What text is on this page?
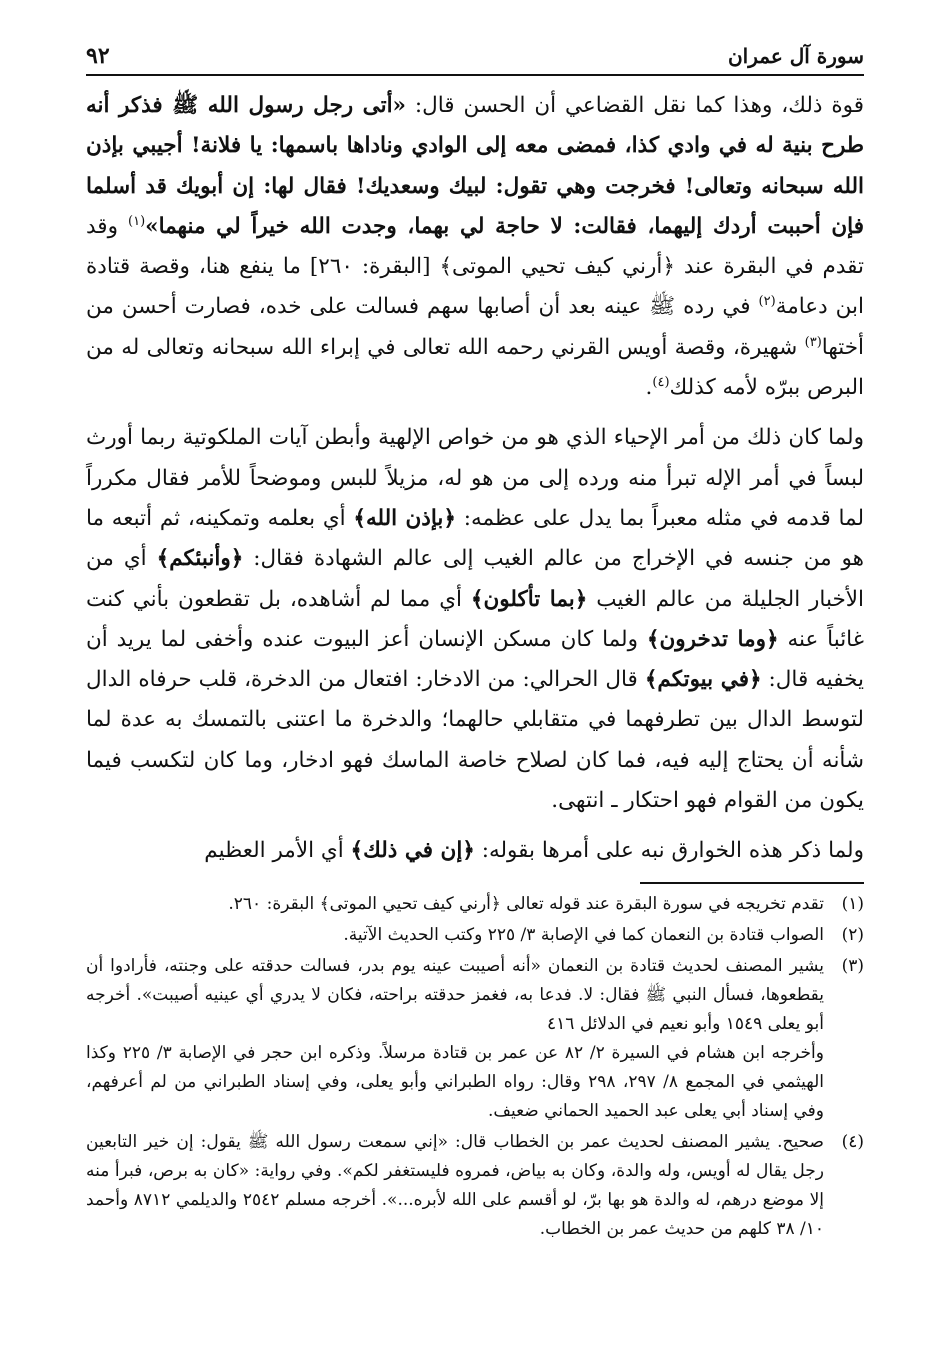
سورة آل عمران
٩٢

قوة ذلك، وهذا كما نقل القضاعي أن الحسن قال: «أتى رجل رسول الله ﷺ فذكر أنه طرح بنية له في وادي كذا، فمضى معه إلى الوادي وناداها باسمها: يا فلانة! أجيبي بإذن الله سبحانه وتعالى! فخرجت وهي تقول: لبيك وسعديك! فقال لها: إن أبويك قد أسلما فإن أحببت أردك إليهما، فقالت: لا حاجة لي بهما، وجدت الله خيراً لي منهما»$^{(١)}$ وقد تقدم في البقرة عند ﴿أرني كيف تحيي الموتى﴾ [البقرة: ٢٦٠] ما ينفع هنا، وقصة قتادة ابن دعامة$^{(٢)}$ في رده ﷺ عينه بعد أن أصابها سهم فسالت على خده، فصارت أحسن من أختها$^{(٣)}$ شهيرة، وقصة أويس القرني رحمه الله تعالى في إبراء الله سبحانه وتعالى له من البرص ببرّه لأمه كذلك$^{(٤)}$.

ولما كان ذلك من أمر الإحياء الذي هو من خواص الإلهية وأبطن آيات الملكوتية ربما أورث لبساً في أمر الإله تبرأ منه ورده إلى من هو له، مزيلاً للبس وموضحاً للأمر فقال مكرراً لما قدمه في مثله معبراً بما يدل على عظمه: ﴿بإذن الله﴾ أي بعلمه وتمكينه، ثم أتبعه ما هو من جنسه في الإخراج من عالم الغيب إلى عالم الشهادة فقال: ﴿وأنبئكم﴾ أي من الأخبار الجليلة من عالم الغيب ﴿بما تأكلون﴾ أي مما لم أشاهده، بل تقطعون بأني كنت غائباً عنه ﴿وما تدخرون﴾ ولما كان مسكن الإنسان أعز البيوت عنده وأخفى لما يريد أن يخفيه قال: ﴿في بيوتكم﴾ قال الحرالي: من الادخار: افتعال من الدخرة، قلب حرفاه الدال لتوسط الدال بين تطرفهما في متقابلي حالهما؛ والدخرة ما اعتنى بالتمسك به عدة لما شأنه أن يحتاج إليه فيه، فما كان لصلاح خاصة الماسك فهو ادخار، وما كان لتكسب فيما يكون من القوام فهو احتكار ـ انتهى.

ولما ذكر هذه الخوارق نبه على أمرها بقوله: ﴿إن في ذلك﴾ أي الأمر العظيم

(١)
تقدم تخريجه في سورة البقرة عند قوله تعالى ﴿أرني كيف تحيي الموتى﴾ البقرة: ٢٦٠.
(٢)
الصواب قتادة بن النعمان كما في الإصابة ٣/ ٢٢٥ وكتب الحديث الآتية.
(٣)
يشير المصنف لحديث قتادة بن النعمان «أنه أصيبت عينه يوم بدر، فسالت حدقته على وجنته، فأرادوا أن يقطعوها، فسأل النبي ﷺ فقال: لا. فدعا به، فغمز حدقته براحته، فكان لا يدري أي عينيه أصيبت». أخرجه أبو يعلى ١٥٤٩ وأبو نعيم في الدلائل ٤١٦
وأخرجه ابن هشام في السيرة ٢/ ٨٢ عن عمر بن قتادة مرسلاً. وذكره ابن حجر في الإصابة ٣/ ٢٢٥ وكذا الهيثمي في المجمع ٨/ ٢٩٧، ٢٩٨ وقال: رواه الطبراني وأبو يعلى، وفي إسناد الطبراني من لم أعرفهم، وفي إسناد أبي يعلى عبد الحميد الحماني ضعيف.
(٤)
صحيح. يشير المصنف لحديث عمر بن الخطاب قال: «إني سمعت رسول الله ﷺ يقول: إن خير التابعين رجل يقال له أويس، وله والدة، وكان به بياض، فمروه فليستغفر لكم». وفي رواية: «كان به برص، فبرأ منه إلا موضع درهم، له والدة هو بها برّ، لو أقسم على الله لأبره...». أخرجه مسلم ٢٥٤٢ والديلمي ٨٧١٢ وأحمد ١٠/ ٣٨ كلهم من حديث عمر بن الخطاب.
